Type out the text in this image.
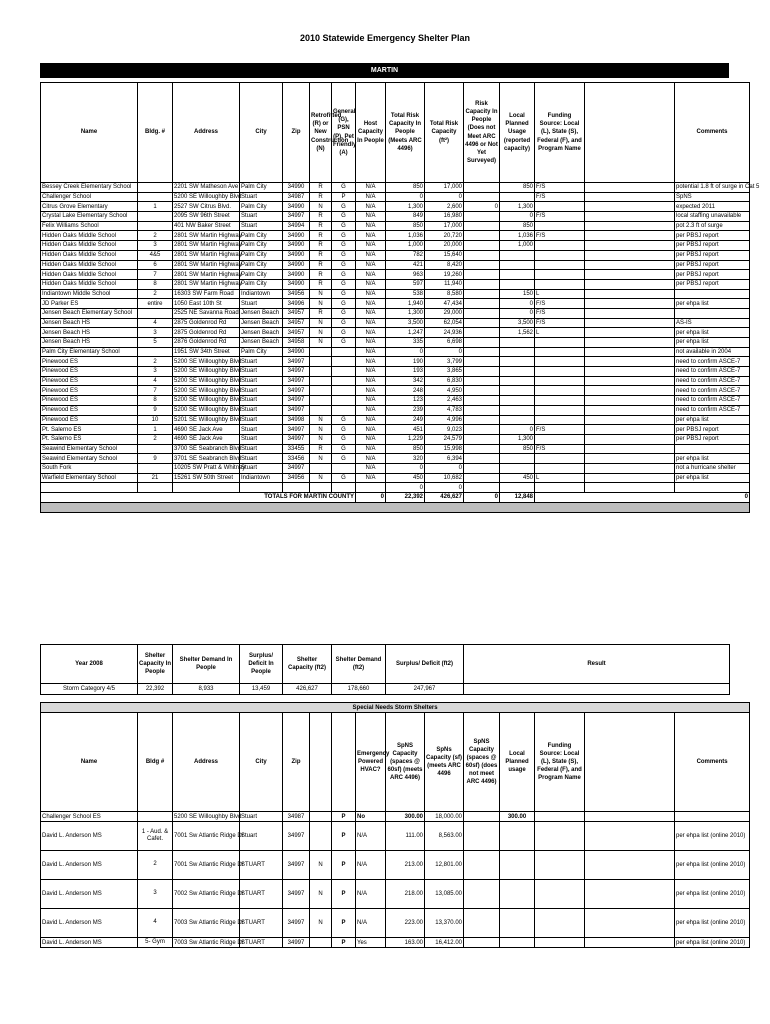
2010 Statewide Emergency Shelter Plan
MARTIN
Name	Bldg. #	Address	City	Zip	Retrofitted (R) or New Construction (N)	General (G), PSN (P), Pet Friendly (A)	Host Capacity In People	Total Risk Capacity In People (Meets ARC 4496)	Total Risk Capacity (ft²)	Risk Capacity In People (Does not Meet ARC 4496 or Not Yet Surveyed)	Local Planned Usage (reported capacity)	Funding Source: Local (L), State (S), Federal (F), and Program Name		Comments
Bessey Creek Elementary School		2201 SW Matheson Ave	Palm City	34990	R	G	N/A	850	17,000		850	F/S		potential 1.8 ft of surge in Cat 5
Challenger School		5200 SE Willoughby Blvd	Stuart	34987	R	P	N/A	0	0			F/S		SpNS
Citrus Grove Elementary	1	2527 SW Citrus Blvd.	Palm City	34990	N	G	N/A	1,300	2,600	0	1,300			expected 2011
Crystal Lake Elementary School		2095 SW 96th Street	Stuart	34997	R	G	N/A	849	16,980		0	F/S		local staffing unavailable
Felix Williams School		401 NW Baker Street	Stuart	34994	R	G	N/A	850	17,000		850			pot 2.3 ft of surge
Hidden Oaks Middle School	2	2801 SW Martin Highway	Palm City	34990	R	G	N/A	1,036	20,720		1,036	F/S		per PBSJ report
Hidden Oaks Middle School	3	2801 SW Martin Highway	Palm City	34990	R	G	N/A	1,000	20,000		1,000			per PBSJ report
Hidden Oaks Middle School	4&5	2801 SW Martin Highway	Palm City	34990	R	G	N/A	782	15,640					per PBSJ report
Hidden Oaks Middle School	6	2801 SW Martin Highway	Palm City	34990	R	G	N/A	421	8,420					per PBSJ report
Hidden Oaks Middle School	7	2801 SW Martin Highway	Palm City	34990	R	G	N/A	963	19,260					per PBSJ report
Hidden Oaks Middle School	8	2801 SW Martin Highway	Palm City	34990	R	G	N/A	597	11,940					per PBSJ report
Indiantown Middle School	2	16303 SW Farm Road	Indiantown	34956	N	G	N/A	538	8,580		150	L		
JD Parker ES	entire	1050 East 10th St	Stuart	34996	N	G	N/A	1,940	47,434		0	F/S		per ehpa list
Jensen Beach Elementary School		2525 NE Savanna Road	Jensen Beach	34957	R	G	N/A	1,300	29,000		0	F/S		
Jensen Beach HS	4	2875 Goldenrod Rd	Jensen Beach	34957	N	G	N/A	3,500	62,054		3,500	F/S		AS-IS
Jensen Beach HS	3	2875 Goldenrod Rd	Jensen Beach	34957	N	G	N/A	1,247	24,936		1,562	L		per ehpa list
Jensen Beach HS	5	2876 Goldenrod Rd	Jensen Beach	34958	N	G	N/A	335	6,698					per ehpa list
Palm City Elementary School		1951 SW 34th Street	Palm City	34990			N/A	0	0					not available in 2004
Pinewood ES	2	5200 SE Willoughby Blvd	Stuart	34997			N/A	190	3,799					need to confirm ASCE-7
Pinewood ES	3	5200 SE Willoughby Blvd	Stuart	34997			N/A	193	3,865					need to confirm ASCE-7
Pinewood ES	4	5200 SE Willoughby Blvd	Stuart	34997			N/A	342	6,830					need to confirm ASCE-7
Pinewood ES	7	5200 SE Willoughby Blvd	Stuart	34997			N/A	248	4,950					need to confirm ASCE-7
Pinewood ES	8	5200 SE Willoughby Blvd	Stuart	34997			N/A	123	2,463					need to confirm ASCE-7
Pinewood ES	9	5200 SE Willoughby Blvd	Stuart	34997			N/A	239	4,783					need to confirm ASCE-7
Pinewood ES	10	5201 SE Willoughby Blvd	Stuart	34998	N	G	N/A	249	4,996					per ehpa list
Pt. Salerno ES	1	4690 SE Jack Ave	Stuart	34997	N	G	N/A	451	9,023		0	F/S		per PBSJ report
Pt. Salerno ES	2	4690 SE Jack Ave	Stuart	34997	N	G	N/A	1,229	24,579		1,300			per PBSJ report
Seawind Elementary School		3700 SE Seabranch Blvd	Stuart	33455	R	G	N/A	850	15,998		850	F/S		
Seawind Elementary School	9	3701 SE Seabranch Blvd	Stuart	33456	N	G	N/A	320	6,394					per ehpa list
South Fork		10205 SW Pratt & Whitney	Stuart	34997			N/A	0	0					not a hurricane shelter
Warfield Elementary School	21	15261 SW 50th Street	Indiantown	34956	N	G	N/A	450	10,682		450	L		per ehpa list
								0	0					
TOTALS FOR MARTIN COUNTY							0	22,392	426,627	0	12,848	0		

Year 2008	Shelter Capacity In People	Shelter Demand In People	Surplus/ Deficit In People	Shelter Capacity (ft2)	Shelter Demand (ft2)	Surplus/ Deficit (ft2)	Result
Storm Category 4/5	22,392	8,933	13,459	426,627	178,660	247,967	
Special Needs Storm Shelters														
Name	Bldg #	Address	City	Zip			Emergency Powered HVAC?	SpNS Capacity (spaces @ 60sf) (meets ARC 4496)	SpNs Capacity (sf) (meets ARC 4496	SpNS Capacity (spaces @ 60sf) (does not meet ARC 4496)	Local Planned usage	Funding Source: Local (L), State (S), Federal (F), and Program Name		Comments
Challenger School ES		5200 SE Willoughby Blvd	Stuart	34987		P	No	300.00	18,000.00		300.00			
David L. Anderson MS	1 - Aud. & Cafet.	7001 Sw Atlantic Ridge Dr	Stuart	34997		P	N/A	111.00	8,563.00					per ehpa list (online 2010)
David L. Anderson MS	2	7001 Sw Atlantic Ridge Dr	STUART	34997	N	P	N/A	213.00	12,801.00					per ehpa list (online 2010)
David L. Anderson MS	3	7002 Sw Atlantic Ridge Dr	STUART	34997	N	P	N/A	218.00	13,085.00					per ehpa list (online 2010)
David L. Anderson MS	4	7003 Sw Atlantic Ridge Dr	STUART	34997	N	P	N/A	223.00	13,370.00					per ehpa list (online 2010)
David L. Anderson MS	5- Gym	7003 Sw Atlantic Ridge Dr	STUART	34997		P	Yes	163.00	16,412.00					per ehpa list (online 2010)
